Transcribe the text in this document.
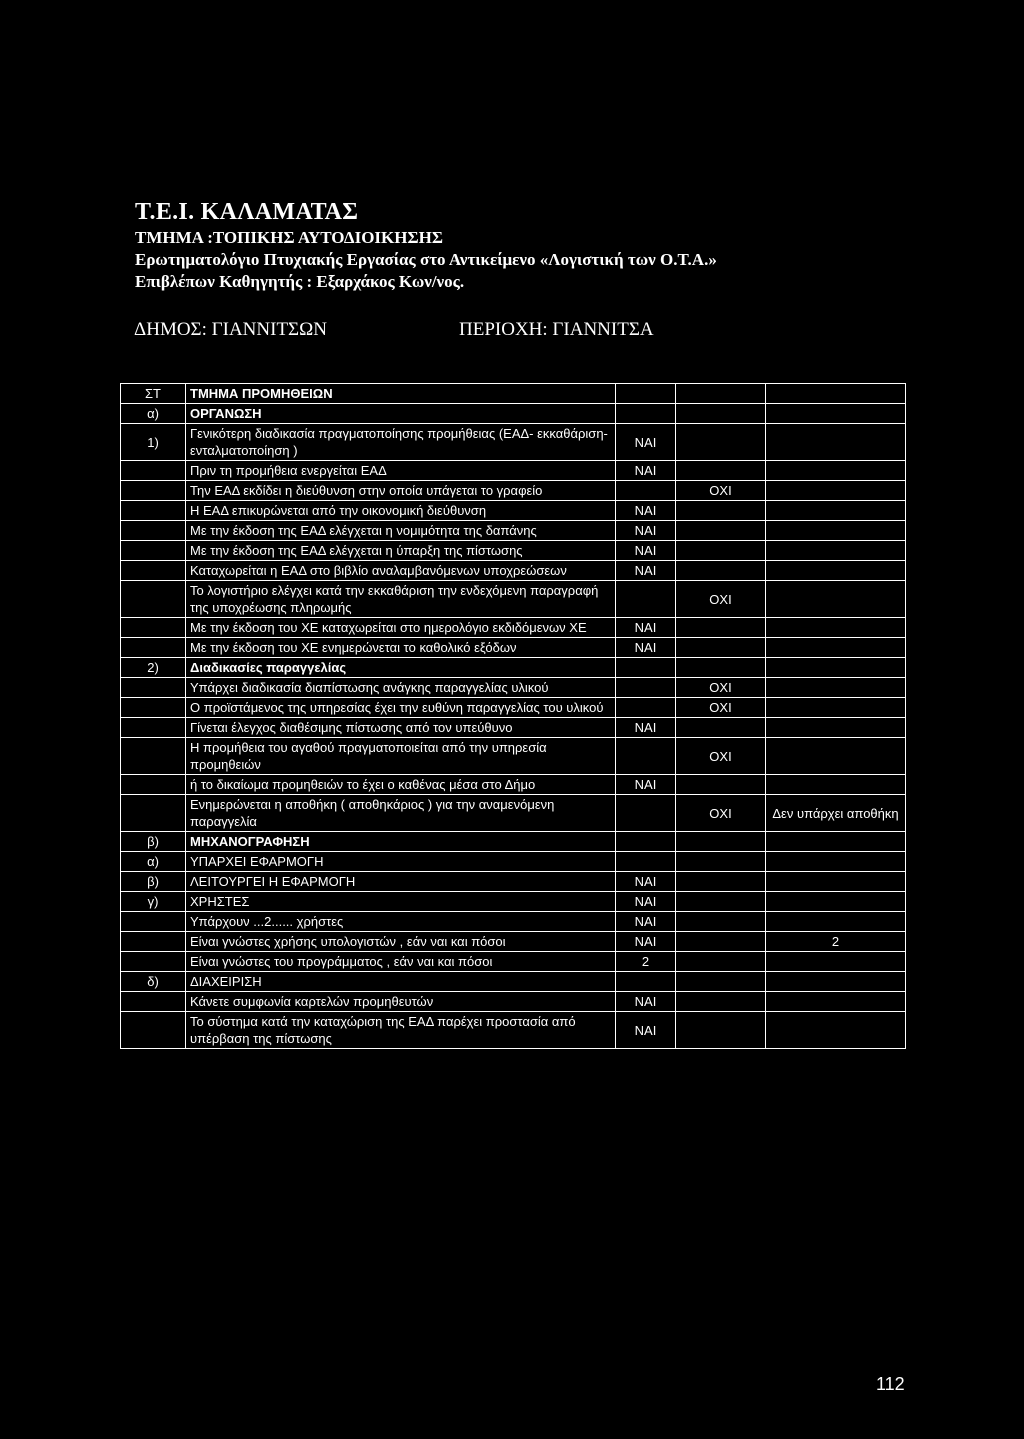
Τ.Ε.Ι. ΚΑΛΑΜΑΤΑΣ
ΤΜΗΜΑ :ΤΟΠΙΚΗΣ ΑΥΤΟΔΙΟΙΚΗΣΗΣ
Ερωτηματολόγιο Πτυχιακής Εργασίας στο Αντικείμενο «Λογιστική των Ο.Τ.Α.»
Επιβλέπων Καθηγητής : Εξαρχάκος Κων/νος.
ΔΗΜΟΣ: ΓΙΑΝΝΙΤΣΩΝ	ΠΕΡΙΟΧΗ: ΓΙΑΝΝΙΤΣΑ
ΣΤ	ΤΜΗΜΑ ΠΡΟΜΗΘΕΙΩΝ			
α)	ΟΡΓΑΝΩΣΗ			
1)	Γενικότερη διαδικασία πραγματοποίησης προμήθειας (ΕΑΔ- εκκαθάριση-ενταλματοποίηση )	ΝΑΙ		
	Πριν τη προμήθεια ενεργείται ΕΑΔ	ΝΑΙ		
	Την ΕΑΔ εκδίδει η διεύθυνση στην οποία υπάγεται το γραφείο		ΟΧΙ	
	Η ΕΑΔ επικυρώνεται από την οικονομική διεύθυνση	ΝΑΙ		
	Με την έκδοση της ΕΑΔ ελέγχεται η νομιμότητα της δαπάνης	ΝΑΙ		
	Με την έκδοση της ΕΑΔ ελέγχεται η ύπαρξη της πίστωσης	ΝΑΙ		
	Καταχωρείται η ΕΑΔ στο βιβλίο αναλαμβανόμενων υποχρεώσεων	ΝΑΙ		
	Το λογιστήριο ελέγχει κατά την εκκαθάριση την ενδεχόμενη παραγραφή της υποχρέωσης πληρωμής		ΟΧΙ	
	Με την έκδοση του ΧΕ καταχωρείται στο ημερολόγιο εκδιδόμενων ΧΕ	ΝΑΙ		
	Με την έκδοση του ΧΕ ενημερώνεται το καθολικό εξόδων	ΝΑΙ		
2)	Διαδικασίες παραγγελίας			
	Υπάρχει διαδικασία διαπίστωσης ανάγκης παραγγελίας υλικού		ΟΧΙ	
	Ο προϊστάμενος της υπηρεσίας έχει την ευθύνη παραγγελίας του υλικού		ΟΧΙ	
	Γίνεται έλεγχος διαθέσιμης πίστωσης από τον υπεύθυνο	ΝΑΙ		
	Η προμήθεια του αγαθού πραγματοποιείται από την υπηρεσία προμηθειών		ΟΧΙ	
	ή το δικαίωμα προμηθειών το έχει ο καθένας μέσα στο Δήμο	ΝΑΙ		
	Ενημερώνεται η αποθήκη ( αποθηκάριος ) για την αναμενόμενη παραγγελία		ΟΧΙ	Δεν υπάρχει αποθήκη
β)	ΜΗΧΑΝΟΓΡΑΦΗΣΗ			
α)	ΥΠΑΡΧΕΙ ΕΦΑΡΜΟΓΗ			
β)	ΛΕΙΤΟΥΡΓΕΙ Η ΕΦΑΡΜΟΓΗ	ΝΑΙ		
γ)	ΧΡΗΣΤΕΣ	ΝΑΙ		
	Υπάρχουν ...2...... χρήστες	ΝΑΙ		
	Είναι γνώστες χρήσης υπολογιστών , εάν ναι και πόσοι	ΝΑΙ		2
	Είναι γνώστες του προγράμματος , εάν ναι και πόσοι	2		
δ)	ΔΙΑΧΕΙΡΙΣΗ			
	Κάνετε συμφωνία καρτελών προμηθευτών	ΝΑΙ		
	Το σύστημα κατά την καταχώριση της ΕΑΔ παρέχει προστασία από υπέρβαση της πίστωσης	ΝΑΙ		
112
